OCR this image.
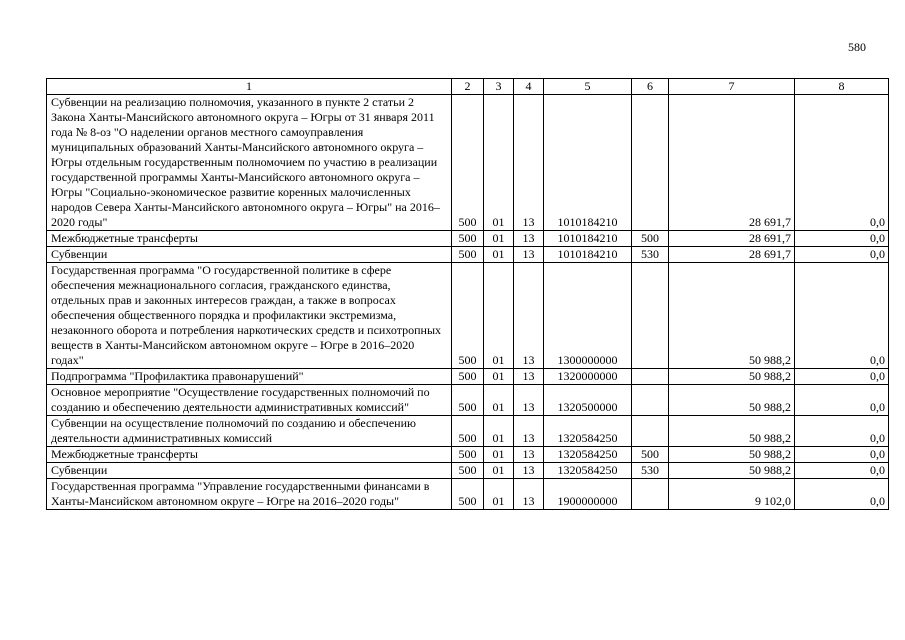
580
1	2	3	4	5	6	7	8
Субвенции на реализацию полномочия, указанного в пункте 2 статьи 2 Закона Ханты-Мансийского автономного округа – Югры от 31 января 2011 года № 8-оз "О наделении органов местного самоуправления муниципальных образований Ханты-Мансийского автономного округа – Югры отдельным государственным полномочием по участию в реализации государственной программы Ханты-Мансийского автономного округа – Югры "Социально-экономическое развитие коренных малочисленных народов Севера Ханты-Мансийского автономного округа – Югры" на 2016–2020 годы"	500	01	13	1010184210		28 691,7	0,0
Межбюджетные трансферты	500	01	13	1010184210	500	28 691,7	0,0
Субвенции	500	01	13	1010184210	530	28 691,7	0,0
Государственная программа "О государственной политике в сфере обеспечения межнационального согласия, гражданского единства, отдельных прав и законных интересов граждан, а также в вопросах обеспечения общественного порядка и профилактики экстремизма, незаконного оборота и потребления наркотических средств и психотропных веществ в Ханты-Мансийском автономном округе – Югре в 2016–2020 годах"	500	01	13	1300000000		50 988,2	0,0
Подпрограмма "Профилактика правонарушений"	500	01	13	1320000000		50 988,2	0,0
Основное мероприятие "Осуществление государственных полномочий по созданию и обеспечению деятельности административных комиссий"	500	01	13	1320500000		50 988,2	0,0
Субвенции на осуществление полномочий по созданию и обеспечению деятельности административных комиссий	500	01	13	1320584250		50 988,2	0,0
Межбюджетные трансферты	500	01	13	1320584250	500	50 988,2	0,0
Субвенции	500	01	13	1320584250	530	50 988,2	0,0
Государственная программа "Управление государственными финансами в Ханты-Мансийском автономном округе – Югре на 2016–2020 годы"	500	01	13	1900000000		9 102,0	0,0
